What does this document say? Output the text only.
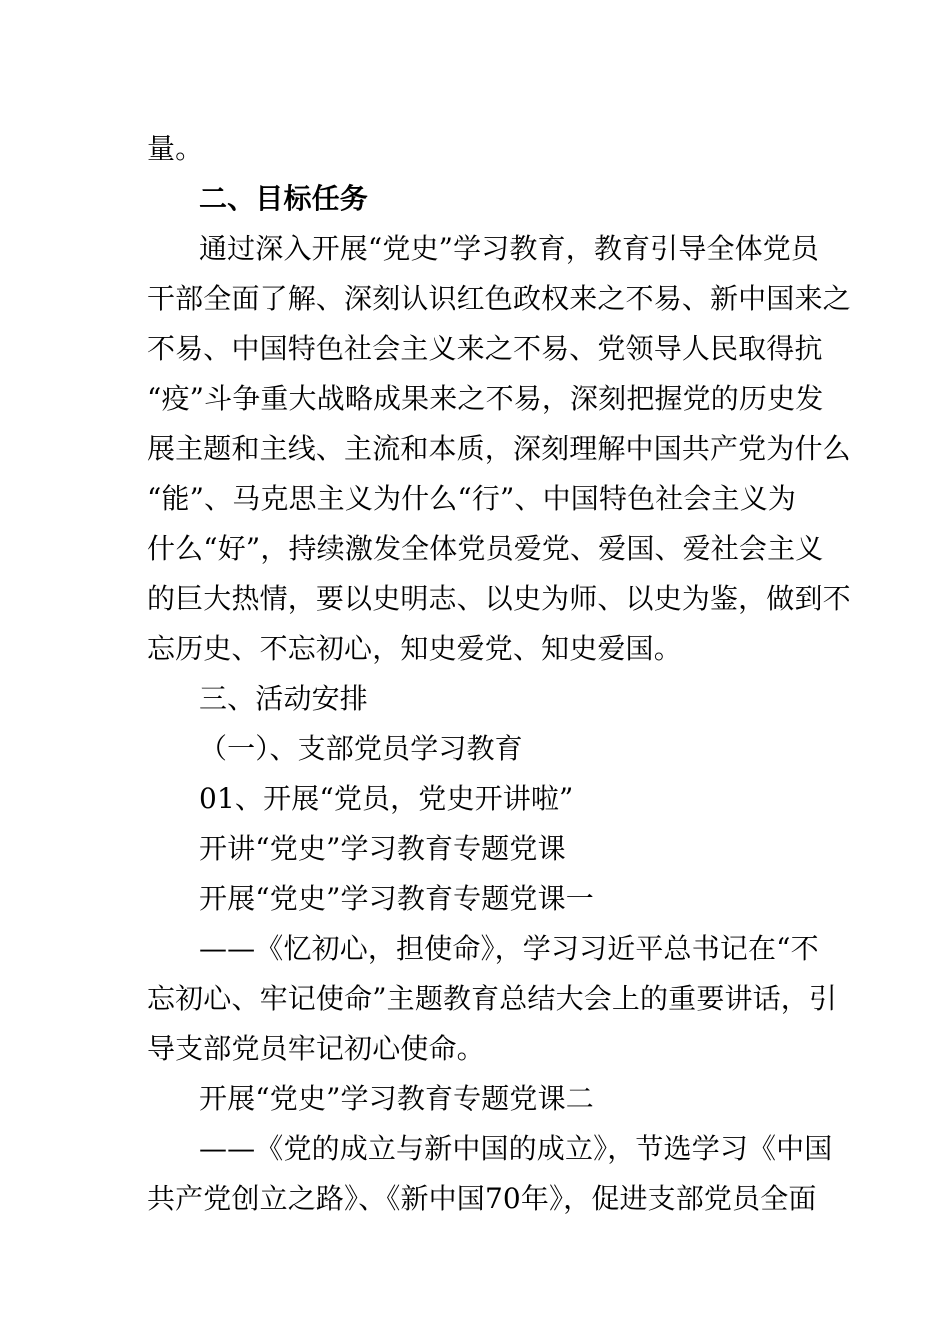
量。
二、目标任务
通过深入开展“党史”学习教育，教育引导全体党员
干部全面了解、深刻认识红色政权来之不易、新中国来之
不易、中国特色社会主义来之不易、党领导人民取得抗
“疫”斗争重大战略成果来之不易，深刻把握党的历史发
展主题和主线、主流和本质，深刻理解中国共产党为什么
“能”、马克思主义为什么“行”、中国特色社会主义为
什么“好”，持续激发全体党员爱党、爱国、爱社会主义
的巨大热情，要以史明志、以史为师、以史为鉴，做到不
忘历史、不忘初心，知史爱党、知史爱国。
三、活动安排
（一）、支部党员学习教育
01、开展“党员，党史开讲啦”
开讲“党史”学习教育专题党课
开展“党史”学习教育专题党课一
——《忆初心，担使命》，学习习近平总书记在“不
忘初心、牢记使命”主题教育总结大会上的重要讲话，引
导支部党员牢记初心使命。
开展“党史”学习教育专题党课二
——《党的成立与新中国的成立》，节选学习《中国
共产党创立之路》、《新中国70年》，促进支部党员全面
